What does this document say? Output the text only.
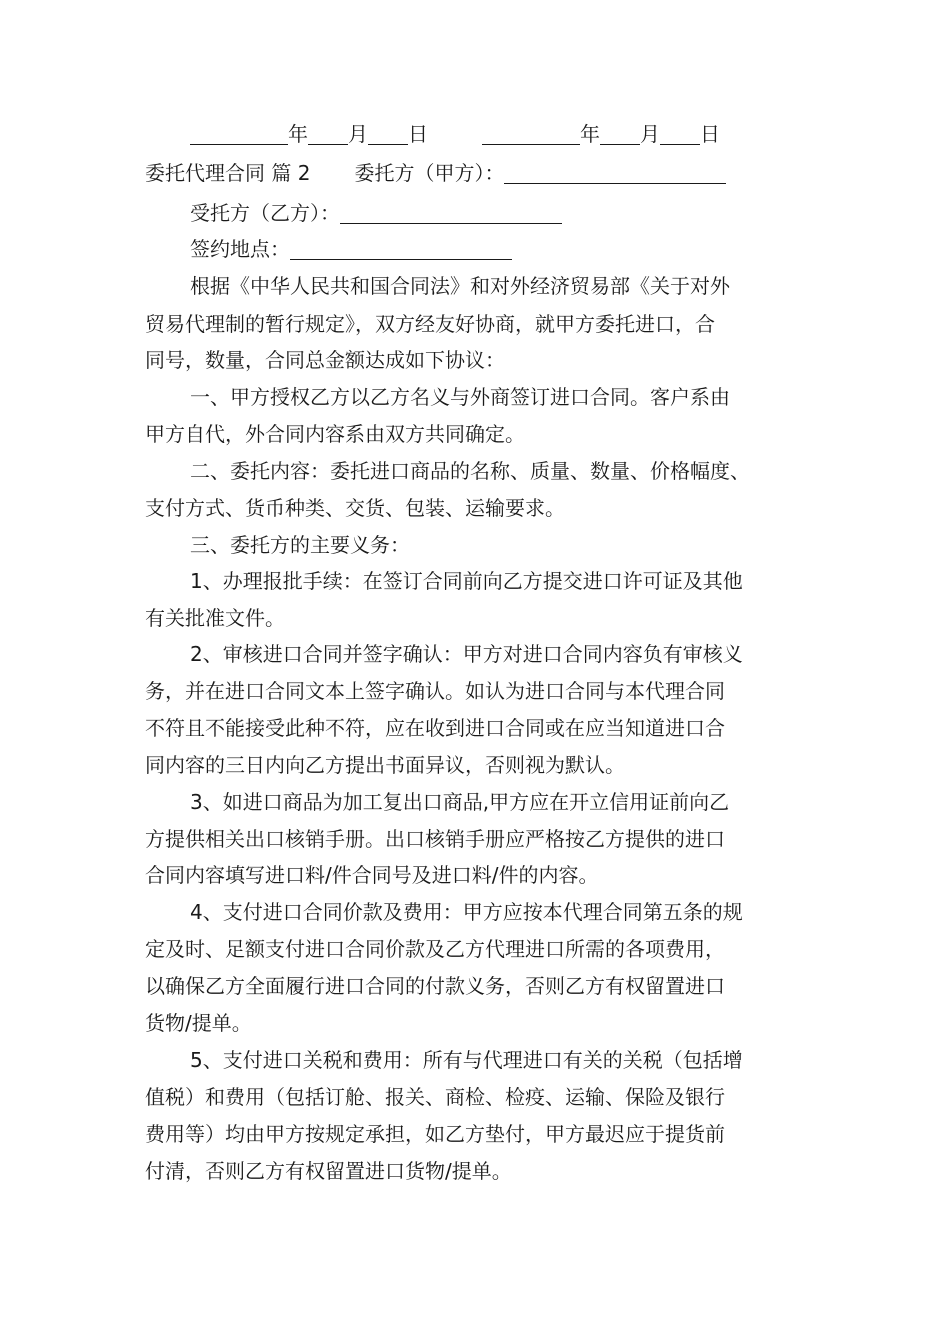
年 月 日	年 月 日
委托代理合同 篇 2 委托方（甲方）：
受托方（乙方）：
签约地点：
根据《中华人民共和国合同法》和对外经济贸易部《关于对外
贸易代理制的暂行规定》，双方经友好协商，就甲方委托进口，合
同号，数量，合同总金额达成如下协议：
一、甲方授权乙方以乙方名义与外商签订进口合同。客户系由
甲方自代，外合同内容系由双方共同确定。
二、委托内容：委托进口商品的名称、质量、数量、价格幅度、
支付方式、货币种类、交货、包装、运输要求。
三、委托方的主要义务：
1、办理报批手续：在签订合同前向乙方提交进口许可证及其他
有关批准文件。
2、审核进口合同并签字确认：甲方对进口合同内容负有审核义
务，并在进口合同文本上签字确认。如认为进口合同与本代理合同
不符且不能接受此种不符，应在收到进口合同或在应当知道进口合
同内容的三日内向乙方提出书面异议，否则视为默认。
3、如进口商品为加工复出口商品,甲方应在开立信用证前向乙
方提供相关出口核销手册。出口核销手册应严格按乙方提供的进口
合同内容填写进口料/件合同号及进口料/件的内容。
4、支付进口合同价款及费用：甲方应按本代理合同第五条的规
定及时、足额支付进口合同价款及乙方代理进口所需的各项费用，
以确保乙方全面履行进口合同的付款义务，否则乙方有权留置进口
货物/提单。
5、支付进口关税和费用：所有与代理进口有关的关税（包括增
值税）和费用（包括订舱、报关、商检、检疫、运输、保险及银行
费用等）均由甲方按规定承担，如乙方垫付，甲方最迟应于提货前
付清，否则乙方有权留置进口货物/提单。
